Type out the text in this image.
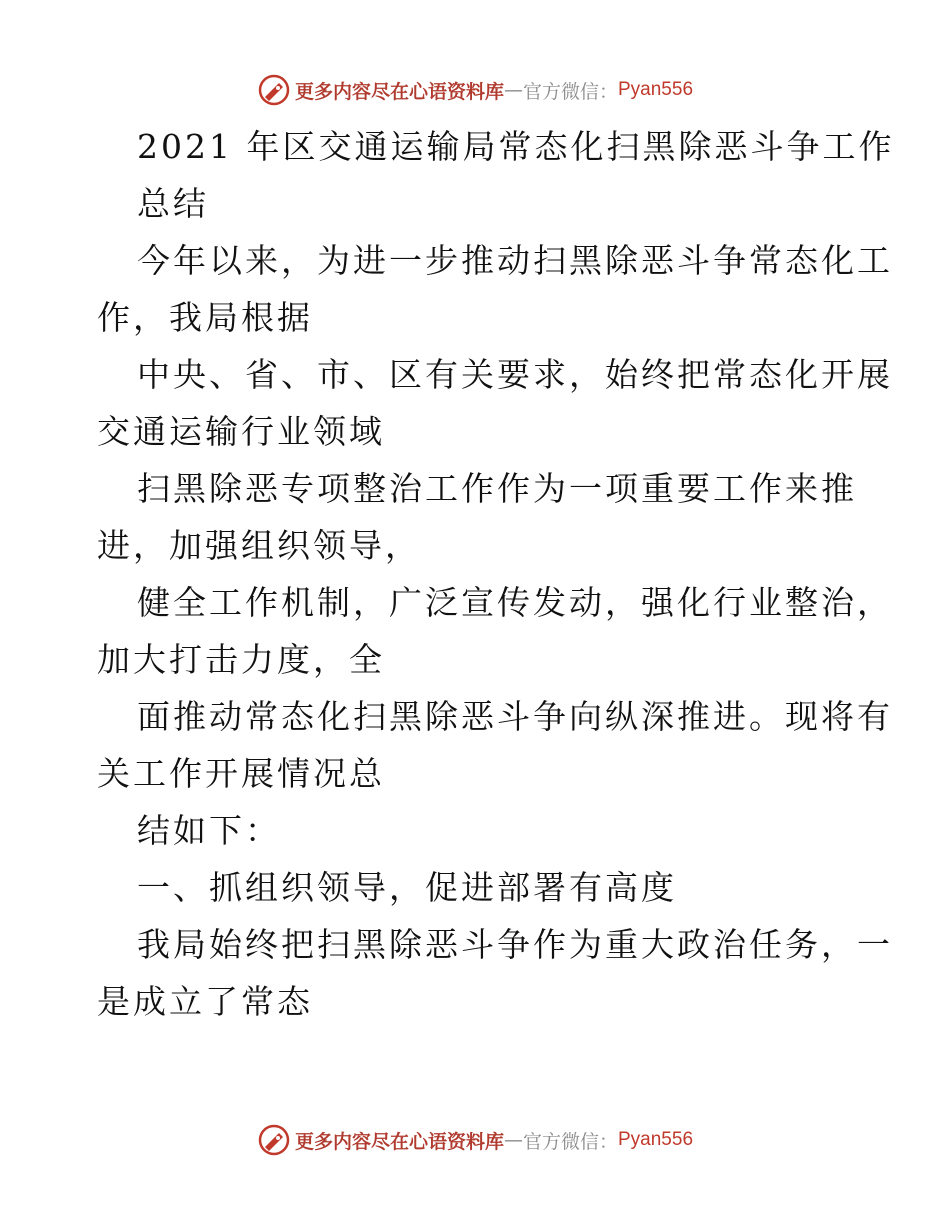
更多内容尽在心语资料库 — 官方微信： Pyan556

2021 年区交通运输局常态化扫黑除恶斗争工作

总结

今年以来，为进一步推动扫黑除恶斗争常态化工

作，我局根据

中央、省、市、区有关要求，始终把常态化开展

交通运输行业领域

扫黑除恶专项整治工作作为一项重要工作来推

进，加强组织领导，

健全工作机制，广泛宣传发动，强化行业整治，

加大打击力度，全

面推动常态化扫黑除恶斗争向纵深推进。现将有

关工作开展情况总

结如下：

一、抓组织领导，促进部署有高度

我局始终把扫黑除恶斗争作为重大政治任务，一

是成立了常态

更多内容尽在心语资料库 — 官方微信： Pyan556
